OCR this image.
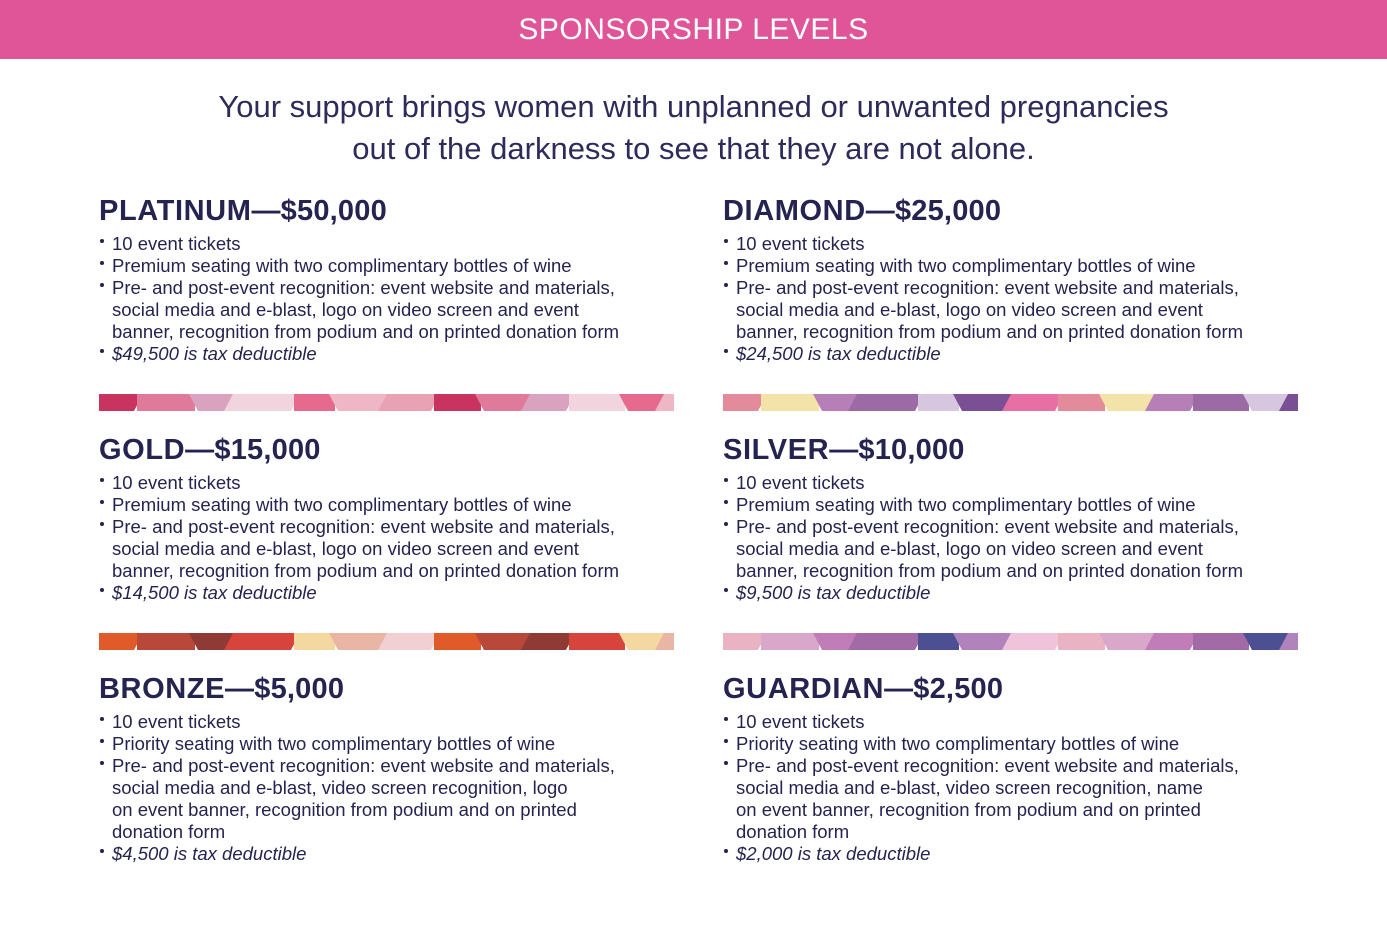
SPONSORSHIP LEVELS
Your support brings women with unplanned or unwanted pregnancies
out of the darkness to see that they are not alone.
PLATINUM—$50,000
10 event tickets
Premium seating with two complimentary bottles of wine
Pre- and post-event recognition: event website and materials,
social media and e-blast, logo on video screen and event
banner, recognition from podium and on printed donation form
$49,500 is tax deductible
DIAMOND—$25,000
10 event tickets
Premium seating with two complimentary bottles of wine
Pre- and post-event recognition: event website and materials,
social media and e-blast, logo on video screen and event
banner, recognition from podium and on printed donation form
$24,500 is tax deductible
GOLD—$15,000
10 event tickets
Premium seating with two complimentary bottles of wine
Pre- and post-event recognition: event website and materials,
social media and e-blast, logo on video screen and event
banner, recognition from podium and on printed donation form
$14,500 is tax deductible
SILVER—$10,000
10 event tickets
Premium seating with two complimentary bottles of wine
Pre- and post-event recognition: event website and materials,
social media and e-blast, logo on video screen and event
banner, recognition from podium and on printed donation form
$9,500 is tax deductible
BRONZE—$5,000
10 event tickets
Priority seating with two complimentary bottles of wine
Pre- and post-event recognition: event website and materials,
social media and e-blast, video screen recognition, logo
on event banner, recognition from podium and on printed
donation form
$4,500 is tax deductible
GUARDIAN—$2,500
10 event tickets
Priority seating with two complimentary bottles of wine
Pre- and post-event recognition: event website and materials,
social media and e-blast, video screen recognition, name
on event banner, recognition from podium and on printed
donation form
$2,000 is tax deductible
